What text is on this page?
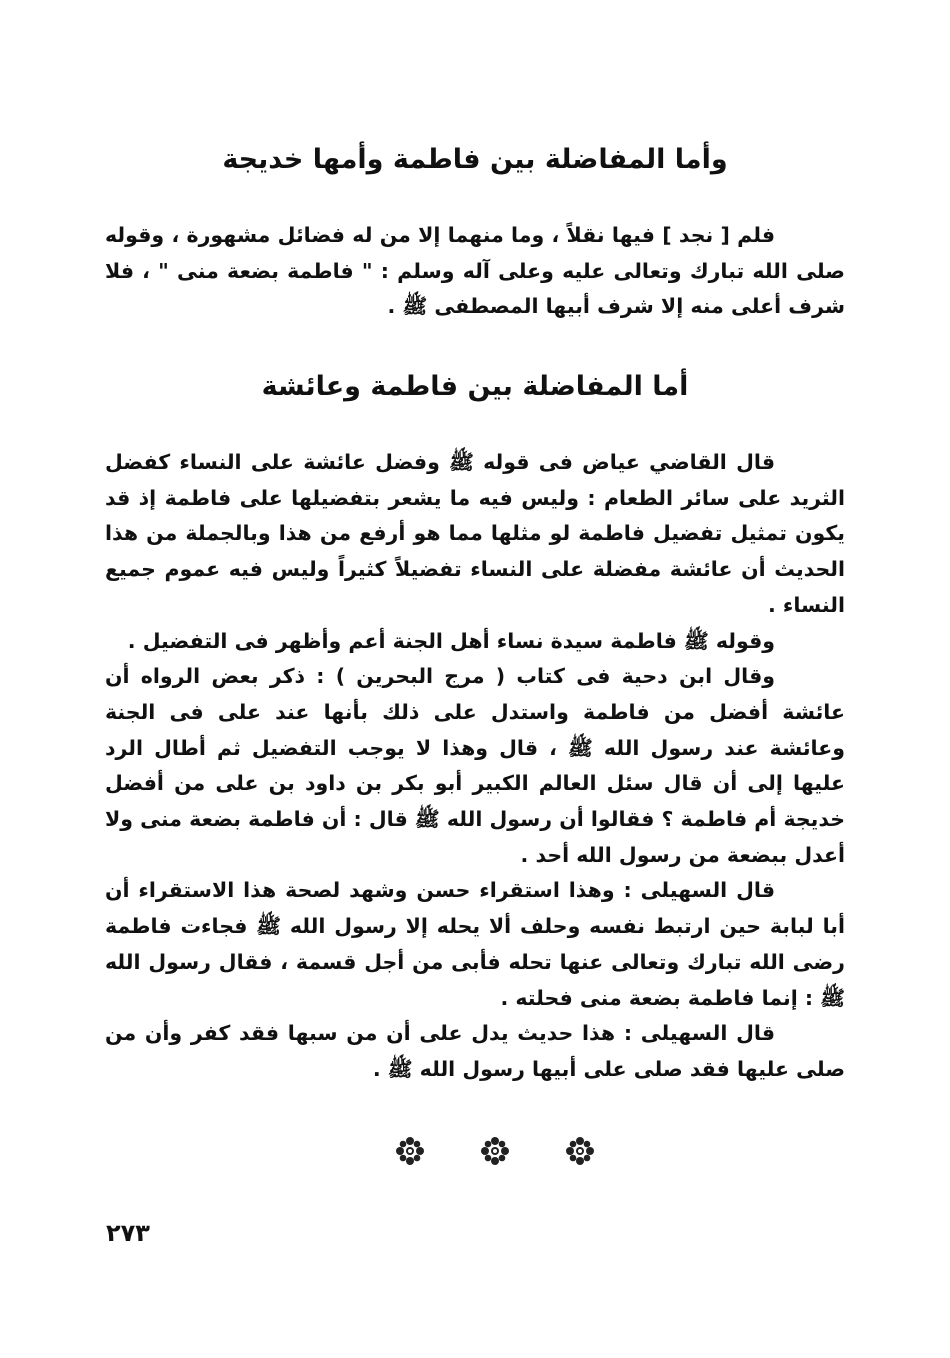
وأما المفاضلة بين فاطمة وأمها خديجة

فلم [ نجد ] فيها نقلاً ، وما منهما إلا من له فضائل مشهورة ، وقوله صلى الله تبارك وتعالى عليه وعلى آله وسلم : " فاطمة بضعة منى " ، فلا شرف أعلى منه إلا شرف أبيها المصطفى ﷺ .

أما المفاضلة بين فاطمة وعائشة

قال القاضي عياض فى قوله ﷺ وفضل عائشة على النساء كفضل الثريد على سائر الطعام : وليس فيه ما يشعر بتفضيلها على فاطمة إذ قد يكون تمثيل تفضيل فاطمة لو مثلها مما هو أرفع من هذا وبالجملة من هذا الحديث أن عائشة مفضلة على النساء تفضيلاً كثيراً وليس فيه عموم جميع النساء .

وقوله ﷺ فاطمة سيدة نساء أهل الجنة أعم وأظهر فى التفضيل .

وقال ابن دحية فى كتاب ( مرج البحرين ) : ذكر بعض الرواه أن عائشة أفضل من فاطمة واستدل على ذلك بأنها عند على فى الجنة وعائشة عند رسول الله ﷺ ، قال وهذا لا يوجب التفضيل ثم أطال الرد عليها إلى أن قال سئل العالم الكبير أبو بكر بن داود بن على من أفضل خديجة أم فاطمة ؟ فقالوا أن رسول الله ﷺ قال : أن فاطمة بضعة منى ولا أعدل ببضعة من رسول الله أحد .

قال السهيلى : وهذا استقراء حسن وشهد لصحة هذا الاستقراء أن أبا لبابة حين ارتبط نفسه وحلف ألا يحله إلا رسول الله ﷺ فجاءت فاطمة رضى الله تبارك وتعالى عنها تحله فأبى من أجل قسمة ، فقال رسول الله ﷺ : إنما فاطمة بضعة منى فحلته .

قال السهيلى : هذا حديث يدل على أن من سبها فقد كفر وأن من صلى عليها فقد صلى على أبيها رسول الله ﷺ .

٢٧٣
